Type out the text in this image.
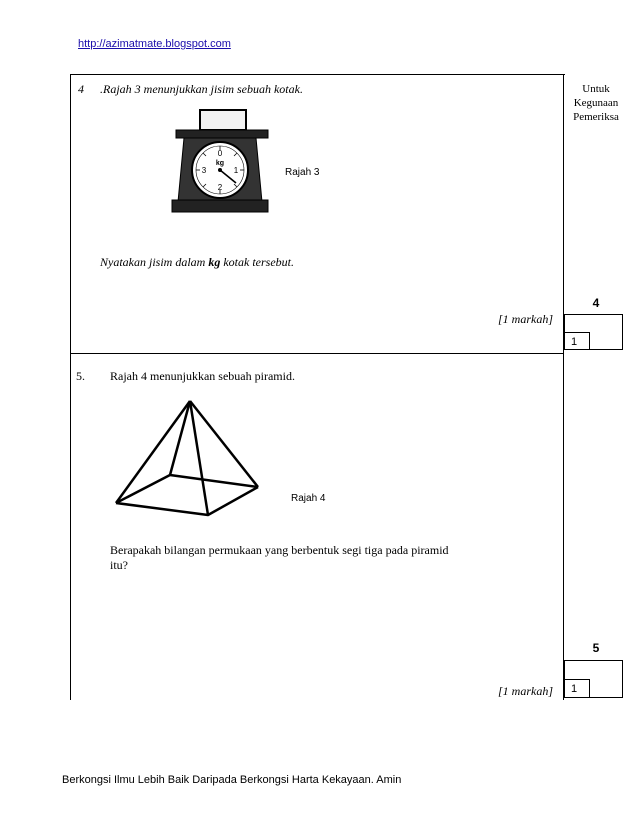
http://azimatmate.blogspot.com
Untuk
Kegunaan
Pemeriksa
4 .Rajah 3 menunjukkan jisim sebuah kotak.
0
1
2
3
kg
Rajah 3
Nyatakan jisim dalam kg kotak tersebut.
[1 markah]
4
1
5. Rajah 4 menunjukkan sebuah piramid.
Rajah 4
Berapakah bilangan permukaan yang berbentuk segi tiga pada piramid
itu?
[1 markah]
5
1
Berkongsi Ilmu Lebih Baik Daripada Berkongsi Harta Kekayaan. Amin
